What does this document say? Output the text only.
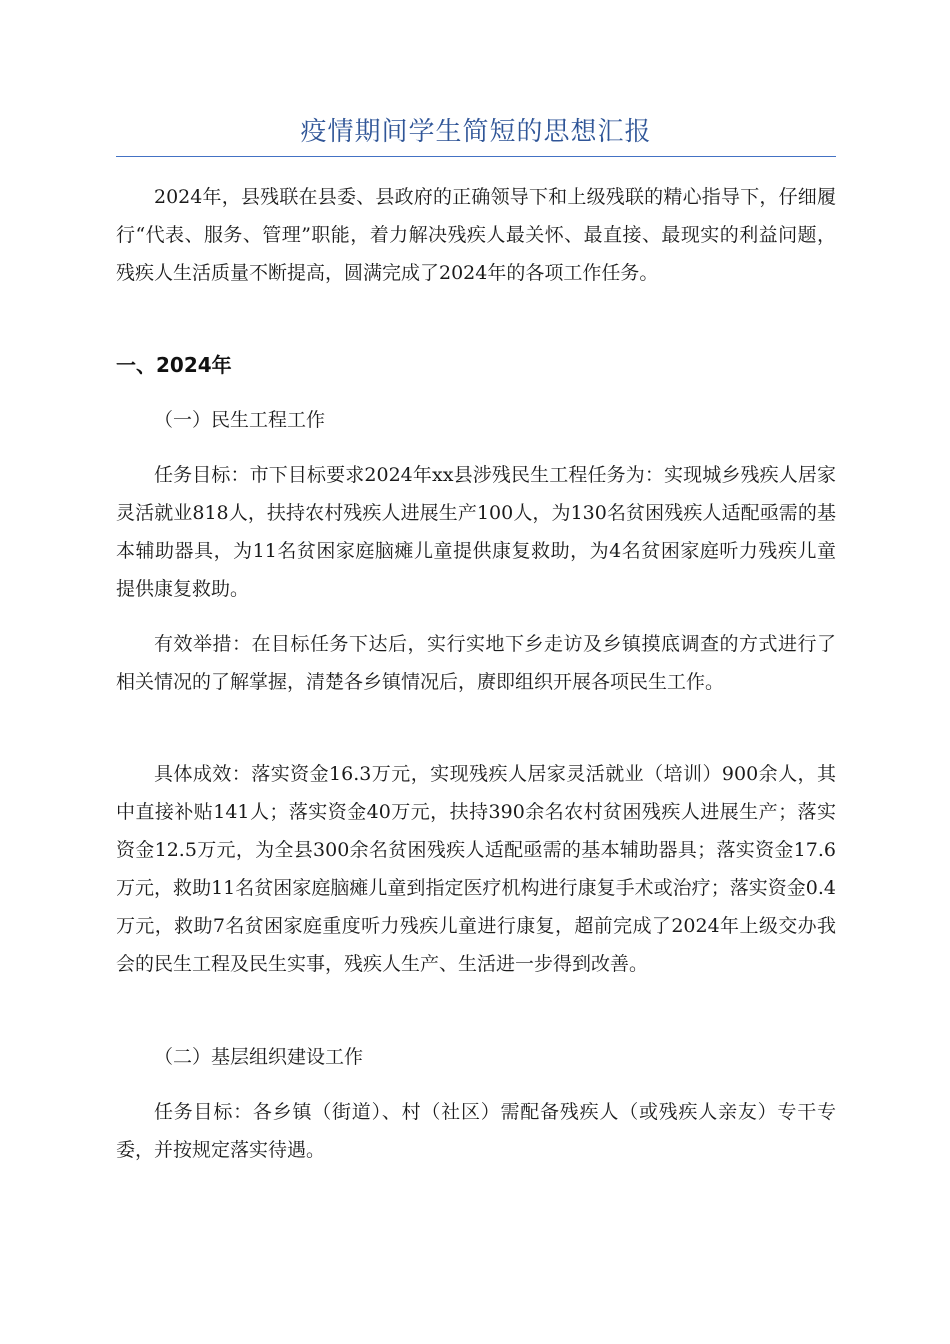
疫情期间学生简短的思想汇报

2024年，县残联在县委、县政府的正确领导下和上级残联的精心指导下，仔细履行“代表、服务、管理”职能，着力解决残疾人最关怀、最直接、最现实的利益问题，残疾人生活质量不断提高，圆满完成了2024年的各项工作任务。

一、2024年

（一）民生工程工作

任务目标：市下目标要求2024年xx县涉残民生工程任务为：实现城乡残疾人居家灵活就业818人，扶持农村残疾人进展生产100人，为130名贫困残疾人适配亟需的基本辅助器具，为11名贫困家庭脑瘫儿童提供康复救助，为4名贫困家庭听力残疾儿童提供康复救助。

有效举措：在目标任务下达后，实行实地下乡走访及乡镇摸底调查的方式进行了相关情况的了解掌握，清楚各乡镇情况后，赓即组织开展各项民生工作。

具体成效：落实资金16.3万元，实现残疾人居家灵活就业（培训）900余人，其中直接补贴141人；落实资金40万元，扶持390余名农村贫困残疾人进展生产；落实资金12.5万元，为全县300余名贫困残疾人适配亟需的基本辅助器具；落实资金17.6万元，救助11名贫困家庭脑瘫儿童到指定医疗机构进行康复手术或治疗；落实资金0.4万元，救助7名贫困家庭重度听力残疾儿童进行康复，超前完成了2024年上级交办我会的民生工程及民生实事，残疾人生产、生活进一步得到改善。

（二）基层组织建设工作

任务目标：各乡镇（街道）、村（社区）需配备残疾人（或残疾人亲友）专干专委，并按规定落实待遇。
